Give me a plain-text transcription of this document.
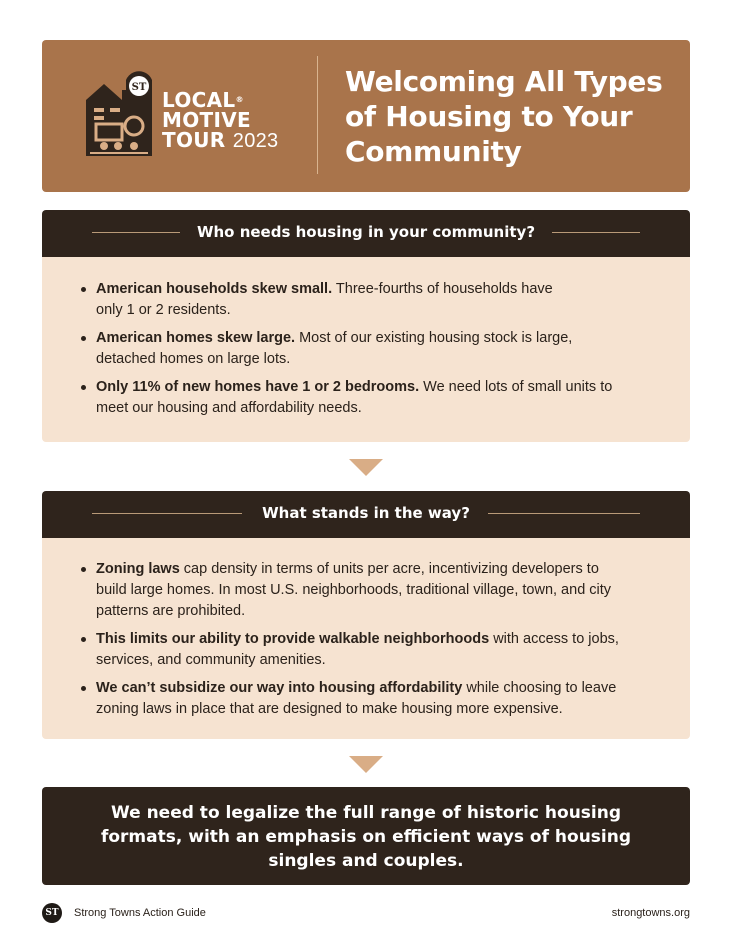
ST
LOCAL®
MOTIVE
TOUR 2023
Welcoming All Types
of Housing to Your
Community
Who needs housing in your community?
American households skew small. Three-fourths of households have
only 1 or 2 residents.
American homes skew large. Most of our existing housing stock is large,
detached homes on large lots.
Only 11% of new homes have 1 or 2 bedrooms. We need lots of small units to
meet our housing and affordability needs.
What stands in the way?
Zoning laws cap density in terms of units per acre, incentivizing developers to
build large homes. In most U.S. neighborhoods, traditional village, town, and city
patterns are prohibited.
This limits our ability to provide walkable neighborhoods with access to jobs,
services, and community amenities.
We can’t subsidize our way into housing affordability while choosing to leave
zoning laws in place that are designed to make housing more expensive.
We need to legalize the full range of historic housing
formats, with an emphasis on efficient ways of housing
singles and couples.
ST	Strong Towns Action Guide	strongtowns.org
